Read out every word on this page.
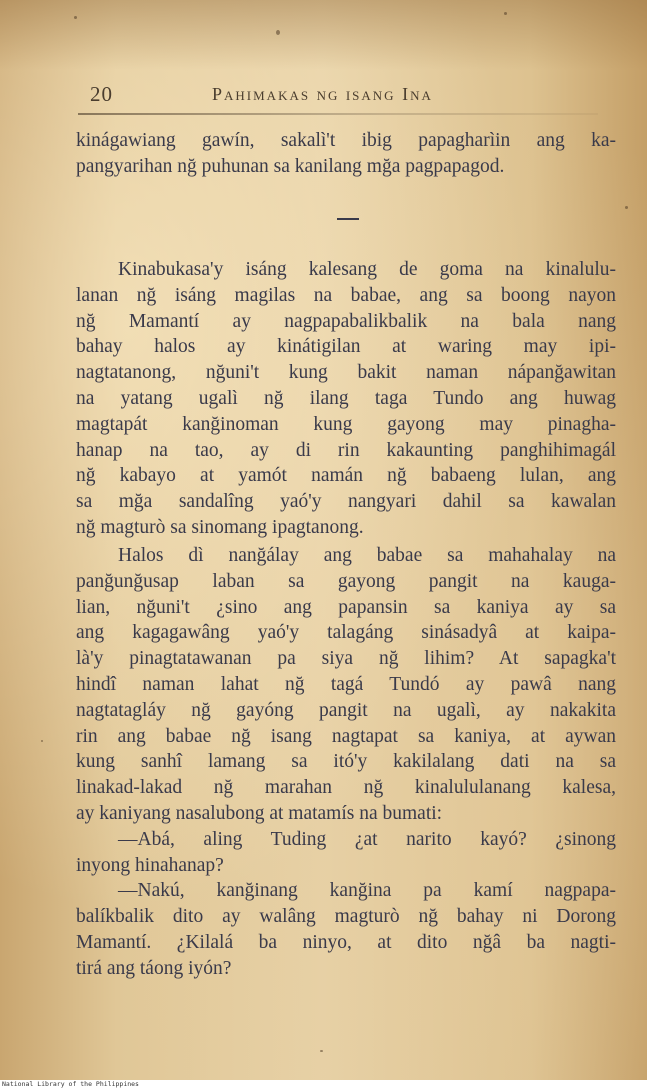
20	Pahimakas ng isang Ina
kinágawiang gawín, sakalì't ibig papagharìin ang ka-
pangyarihan nğ puhunan sa kanilang mğa pagpapagod.
Kinabukasa'y isáng kalesang de goma na kinalulu-
lanan nğ isáng magilas na babae, ang sa boong nayon
nğ Mamantí ay nagpapabalikbalik na bala nang
bahay halos ay kinátigilan at waring may ipi-
nagtatanong, nğuni't kung bakit naman nápanğawitan
na yatang ugalì nğ ilang taga Tundo ang huwag
magtapát kanğinoman kung gayong may pinagha-
hanap na tao, ay di rin kakaunting panghihimagál
nğ kabayo at yamót namán nğ babaeng lulan, ang
sa mğa sandalîng yaó'y nangyari dahil sa kawalan
nğ magturò sa sinomang ipagtanong.
Halos dì nanğálay ang babae sa mahahalay na
panğunğusap laban sa gayong pangit na kauga-
lian, nğuni't ¿sino ang papansin sa kaniya ay sa
ang kagagawâng yaó'y talagáng sinásadyâ at kaipa-
là'y pinagtatawanan pa siya nğ lihim? At sapagka't
hindî naman lahat nğ tagá Tundó ay pawâ nang
nagtatagláy nğ gayóng pangit na ugalì, ay nakakita
rin ang babae nğ isang nagtapat sa kaniya, at aywan
kung sanhî lamang sa itó'y kakilalang dati na sa
linakad-lakad nğ marahan nğ kinalululanang kalesa,
ay kaniyang nasalubong at matamís na bumati:
—Abá, aling Tuding ¿at narito kayó? ¿sinong
inyong hinahanap?
—Nakú, kanğinang kanğina pa kamí nagpapa-
balíkbalik dito ay walâng magturò nğ bahay ni Dorong
Mamantí. ¿Kilalá ba ninyo, at dito nğâ ba nagti-
tirá ang táong iyón?
National Library of the Philippines
